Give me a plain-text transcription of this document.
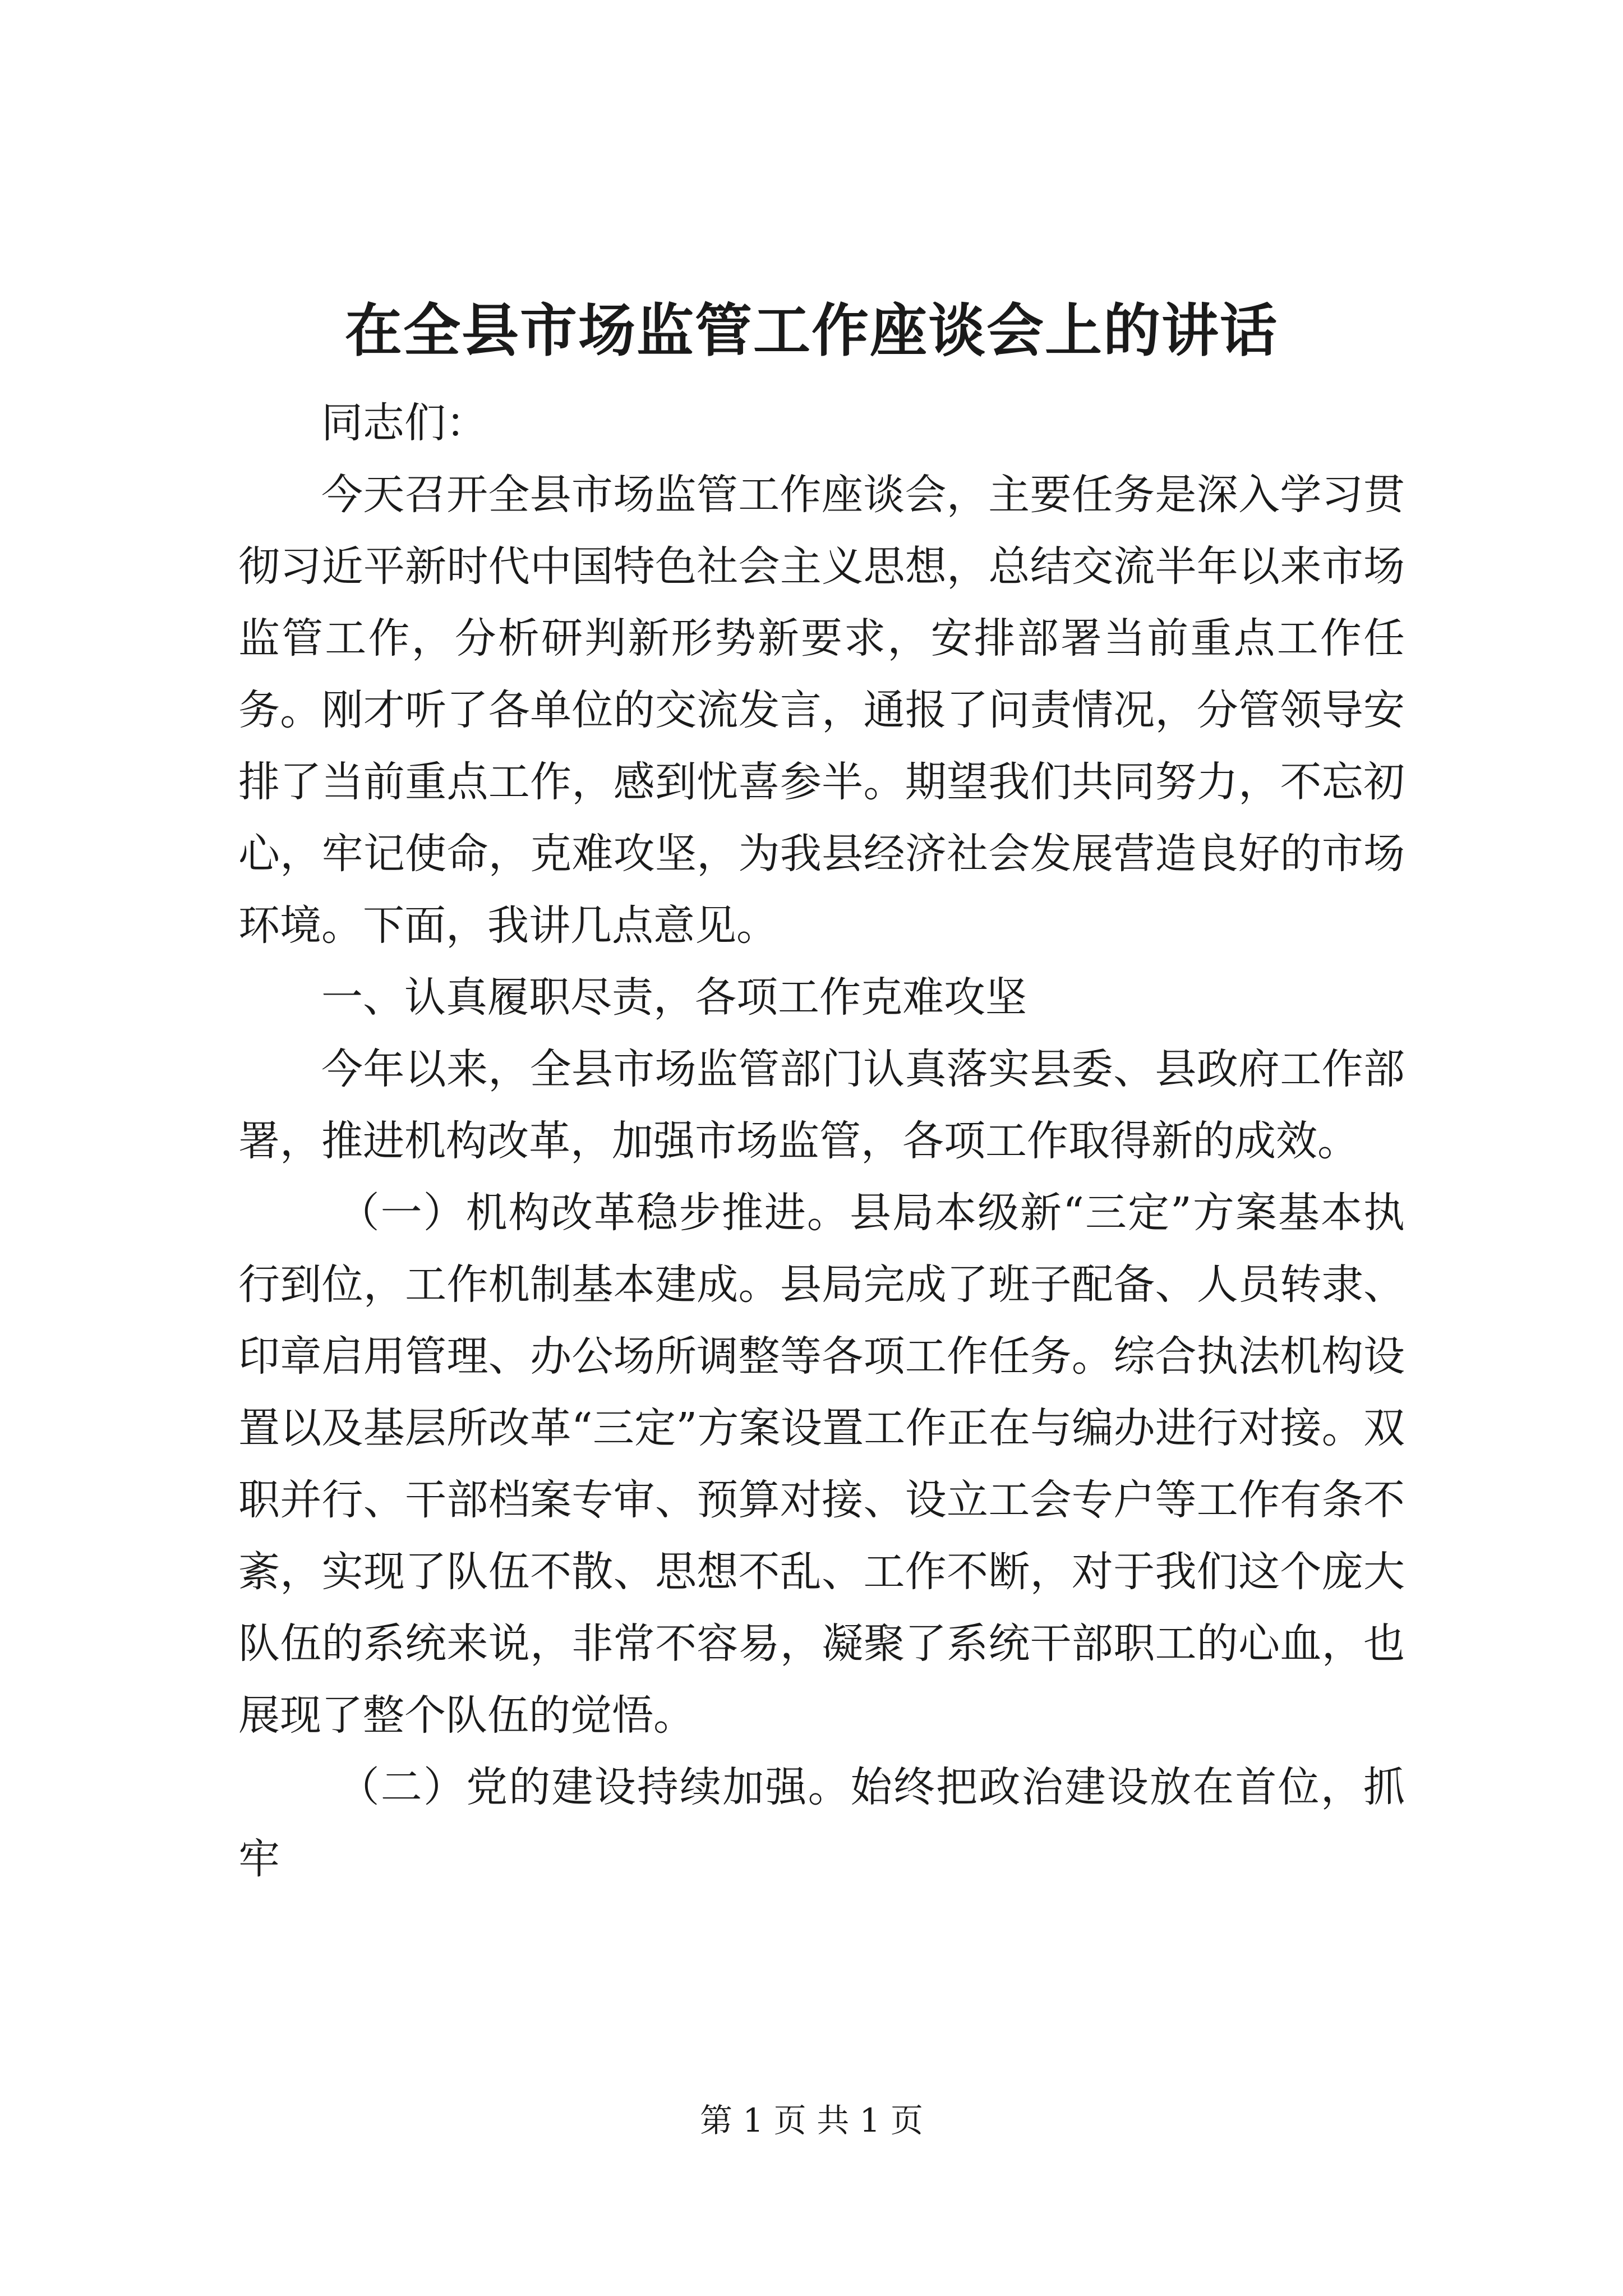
在全县市场监管工作座谈会上的讲话

同志们：

今天召开全县市场监管工作座谈会，主要任务是深入学习贯彻习近平新时代中国特色社会主义思想，总结交流半年以来市场监管工作，分析研判新形势新要求，安排部署当前重点工作任务。刚才听了各单位的交流发言，通报了问责情况，分管领导安排了当前重点工作，感到忧喜参半。期望我们共同努力，不忘初心，牢记使命，克难攻坚，为我县经济社会发展营造良好的市场环境。下面，我讲几点意见。

一、认真履职尽责，各项工作克难攻坚

今年以来，全县市场监管部门认真落实县委、县政府工作部署，推进机构改革，加强市场监管，各项工作取得新的成效。

（一）机构改革稳步推进。县局本级新“三定”方案基本执行到位，工作机制基本建成。县局完成了班子配备、人员转隶、印章启用管理、办公场所调整等各项工作任务。综合执法机构设置以及基层所改革“三定”方案设置工作正在与编办进行对接。双职并行、干部档案专审、预算对接、设立工会专户等工作有条不紊，实现了队伍不散、思想不乱、工作不断，对于我们这个庞大队伍的系统来说，非常不容易，凝聚了系统干部职工的心血，也展现了整个队伍的觉悟。

（二）党的建设持续加强。始终把政治建设放在首位，抓牢

第 1 页 共 1 页
